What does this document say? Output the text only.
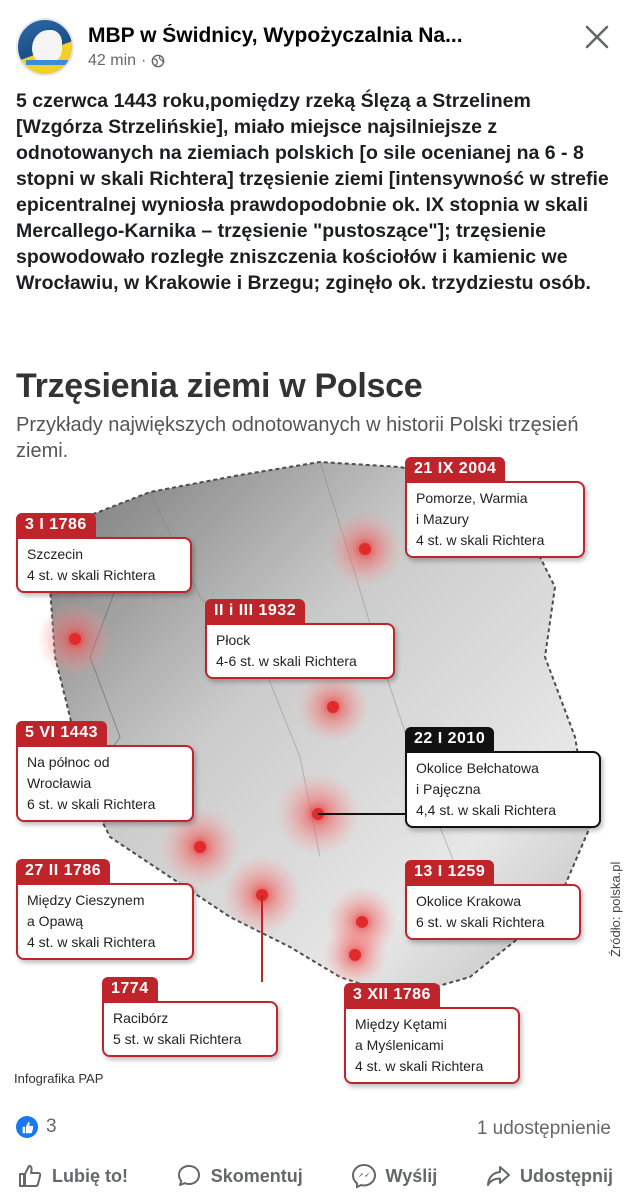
MBP w Świdnicy, Wypożyczalnia Na...
42 min ·
5 czerwca 1443 roku,pomiędzy rzeką Ślęzą a Strzelinem [Wzgórza Strzelińskie], miało miejsce najsilniejsze z odnotowanych na ziemiach polskich [o sile ocenianej na 6 - 8 stopni w skali Richtera] trzęsienie ziemi [intensywność w strefie epicentralnej wyniosła prawdopodobnie ok. IX stopnia w skali Mercallego-Karnika – trzęsienie "pustoszące"]; trzęsienie spowodowało rozległe zniszczenia kościołów i kamienic we Wrocławiu, w Krakowie i Brzegu; zginęło ok. trzydziestu osób.
Trzęsienia ziemi w Polsce
Przykłady największych odnotowanych w historii Polski trzęsień ziemi.
3 I 1786
Szczecin
4 st. w skali Richtera
21 IX 2004
Pomorze, Warmia
i Mazury
4 st. w skali Richtera
II i III 1932
Płock
4-6 st. w skali Richtera
5 VI 1443
Na północ od
Wrocławia
6 st. w skali Richtera
22 I 2010
Okolice Bełchatowa
i Pajęczna
4,4 st. w skali Richtera
27 II 1786
Między Cieszynem
a Opawą
4 st. w skali Richtera
13 I 1259
Okolice Krakowa
6 st. w skali Richtera
1774
Racibórz
5 st. w skali Richtera
3 XII 1786
Między Kętami
a Myślenicami
4 st. w skali Richtera
Infografika PAP
Źródło: polska.pl
3	1 udostępnienie
Lubię to!	Skomentuj	Wyślij	Udostępnij
